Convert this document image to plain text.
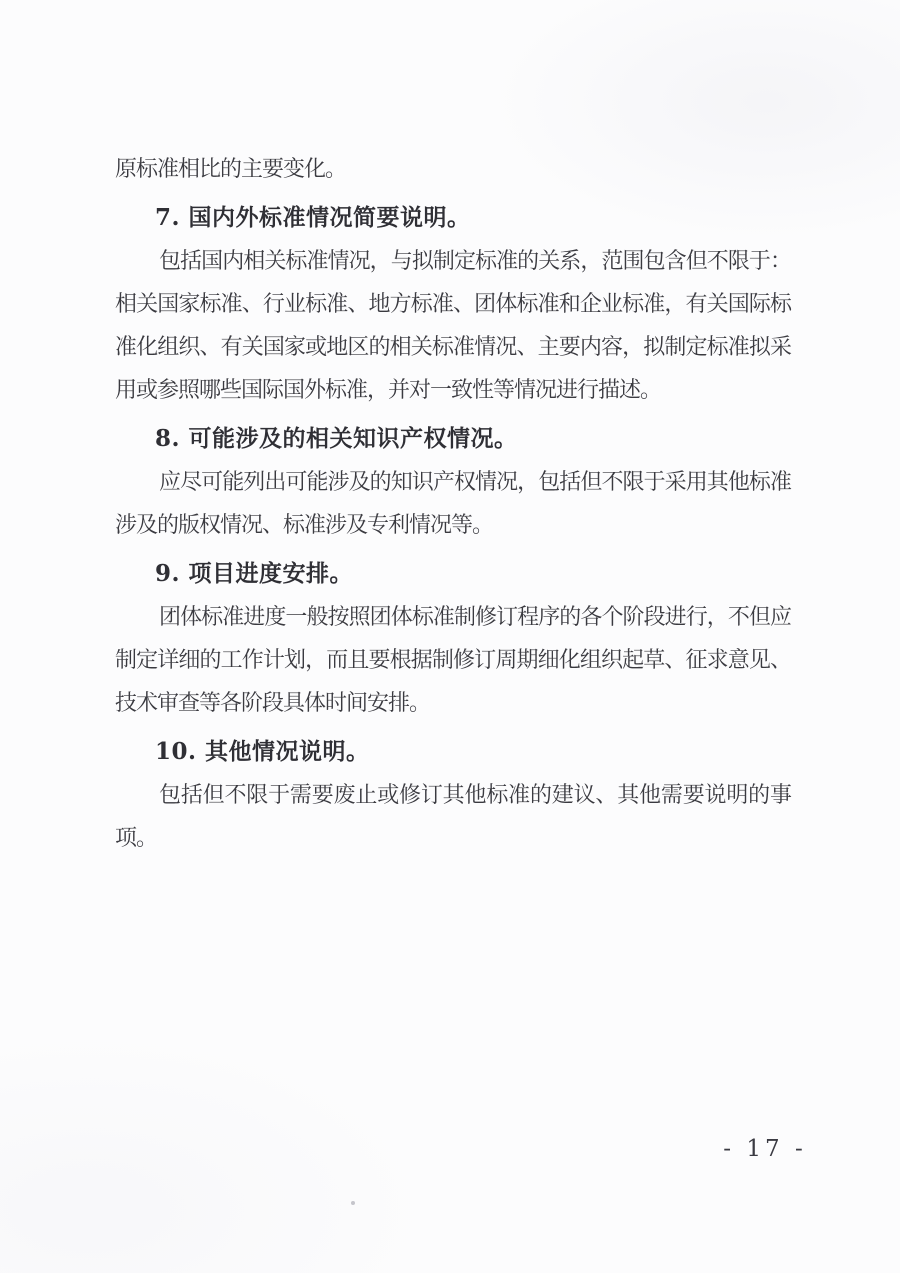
原标准相比的主要变化。
7. 国内外标准情况简要说明。
包括国内相关标准情况，与拟制定标准的关系，范围包含但不限于：
相关国家标准、行业标准、地方标准、团体标准和企业标准，有关国际标
准化组织、有关国家或地区的相关标准情况、主要内容，拟制定标准拟采
用或参照哪些国际国外标准，并对一致性等情况进行描述。
8. 可能涉及的相关知识产权情况。
应尽可能列出可能涉及的知识产权情况，包括但不限于采用其他标准
涉及的版权情况、标准涉及专利情况等。
9. 项目进度安排。
团体标准进度一般按照团体标准制修订程序的各个阶段进行，不但应
制定详细的工作计划，而且要根据制修订周期细化组织起草、征求意见、
技术审查等各阶段具体时间安排。
10. 其他情况说明。
包括但不限于需要废止或修订其他标准的建议、其他需要说明的事
项。
- 17 -
